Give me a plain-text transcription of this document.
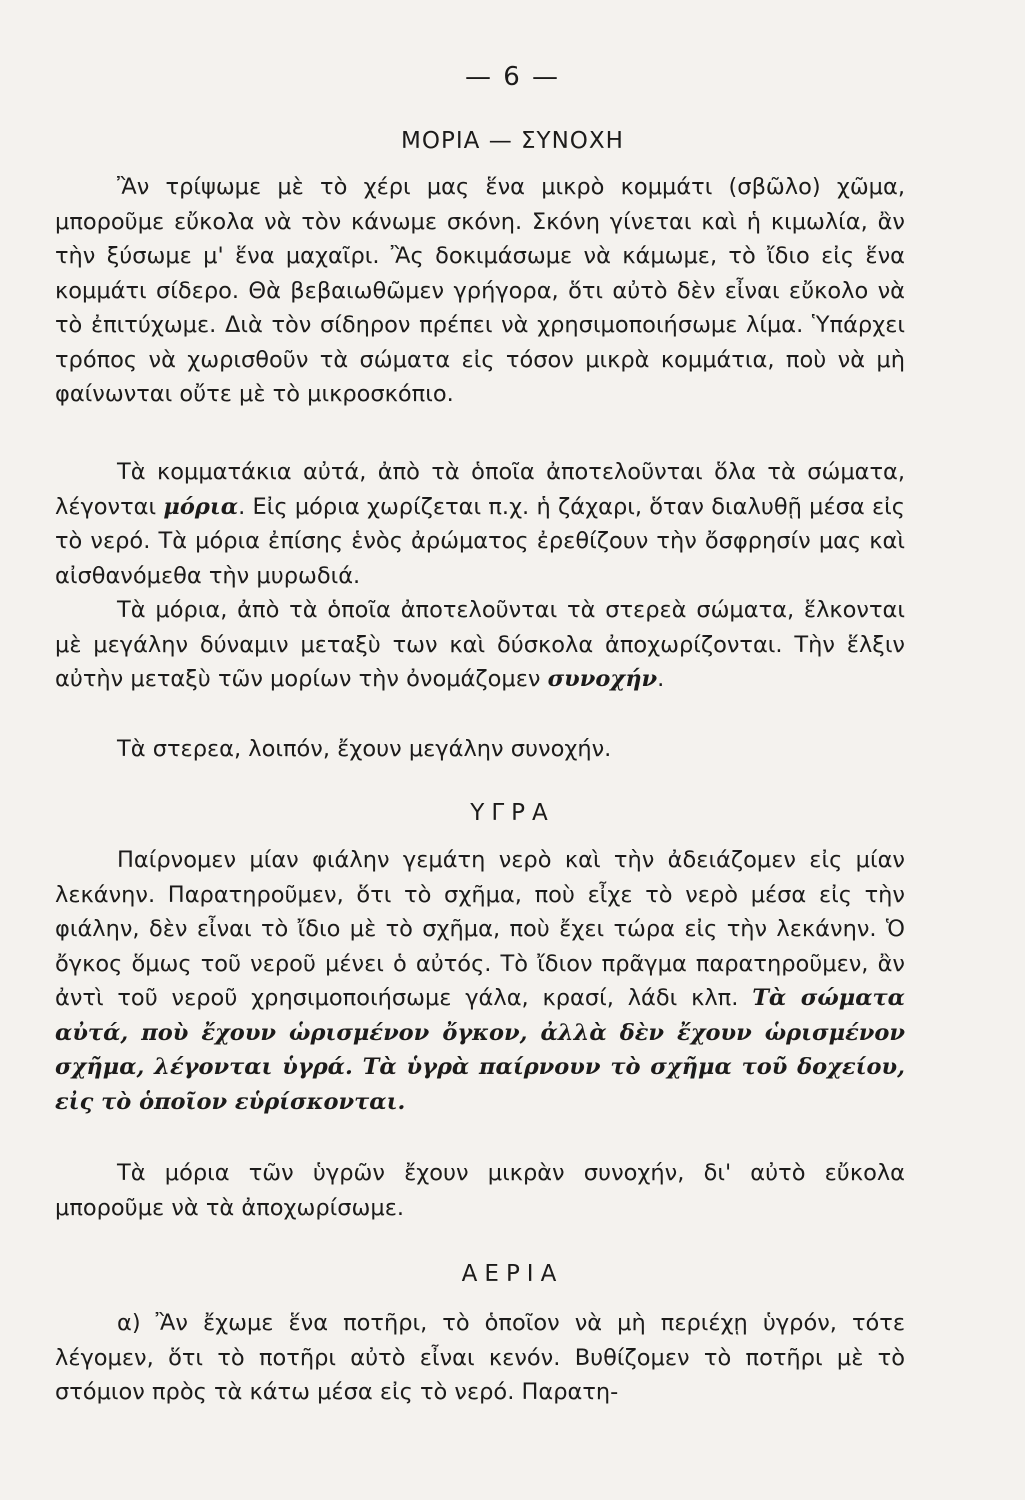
— 6 —
ΜΟΡΙΑ — ΣΥΝΟΧΗ

Ἂν τρίψωμε μὲ τὸ χέρι μας ἕνα μικρὸ κομμάτι (σβῶλο) χῶμα, μποροῦμε εὔκολα νὰ τὸν κάνωμε σκόνη. Σκόνη γίνεται καὶ ἡ κιμωλία, ἂν τὴν ξύσωμε μ' ἕνα μαχαῖρι. Ἂς δοκιμάσωμε νὰ κάμωμε, τὸ ἴδιο εἰς ἕνα κομμάτι σίδερο. Θὰ βεβαιωθῶμεν γρήγορα, ὅτι αὐτὸ δὲν εἶναι εὔκολο νὰ τὸ ἐπιτύχωμε. Διὰ τὸν σίδηρον πρέπει νὰ χρησιμοποιήσωμε λίμα. Ὑπάρχει τρόπος νὰ χωρισθοῦν τὰ σώματα εἰς τόσον μικρὰ κομμάτια, ποὺ νὰ μὴ φαίνωνται οὔτε μὲ τὸ μικροσκόπιο.

Τὰ κομματάκια αὐτά, ἀπὸ τὰ ὁποῖα ἀποτελοῦνται ὅλα τὰ σώματα, λέγονται μόρια. Εἰς μόρια χωρίζεται π.χ. ἡ ζάχαρι, ὅταν διαλυθῇ μέσα εἰς τὸ νερό. Τὰ μόρια ἐπίσης ἑνὸς ἀρώματος ἐρεθίζουν τὴν ὄσφρησίν μας καὶ αἰσθανόμεθα τὴν μυρωδιά.

Τὰ μόρια, ἀπὸ τὰ ὁποῖα ἀποτελοῦνται τὰ στερεὰ σώματα, ἕλκονται μὲ μεγάλην δύναμιν μεταξὺ των καὶ δύσκολα ἀποχωρίζονται. Τὴν ἕλξιν αὐτὴν μεταξὺ τῶν μορίων τὴν ὀνομάζομεν συνοχήν.

Τὰ στερεα, λοιπόν, ἔχουν μεγάλην συνοχήν.

ΥΓΡΑ

Παίρνομεν μίαν φιάλην γεμάτη νερὸ καὶ τὴν ἀδειάζομεν εἰς μίαν λεκάνην. Παρατηροῦμεν, ὅτι τὸ σχῆμα, ποὺ εἶχε τὸ νερὸ μέσα εἰς τὴν φιάλην, δὲν εἶναι τὸ ἴδιο μὲ τὸ σχῆμα, ποὺ ἔχει τώρα εἰς τὴν λεκάνην. Ὁ ὄγκος ὅμως τοῦ νεροῦ μένει ὁ αὐτός. Τὸ ἴδιον πρᾶγμα παρατηροῦμεν, ἂν ἀντὶ τοῦ νεροῦ χρησιμοποιήσωμε γάλα, κρασί, λάδι κλπ. Τὰ σώματα αὐτά, ποὺ ἔχουν ὡρισμένον ὄγκον, ἀλλὰ δὲν ἔχουν ὡρισμένον σχῆμα, λέγονται ὑγρά. Τὰ ὑγρὰ παίρνουν τὸ σχῆμα τοῦ δοχείου, εἰς τὸ ὁποῖον εὑρίσκονται.

Τὰ μόρια τῶν ὑγρῶν ἔχουν μικρὰν συνοχήν, δι' αὐτὸ εὔκολα μποροῦμε νὰ τὰ ἀποχωρίσωμε.

ΑΕΡΙΑ

α) Ἂν ἔχωμε ἕνα ποτῆρι, τὸ ὁποῖον νὰ μὴ περιέχῃ ὑγρόν, τότε λέγομεν, ὅτι τὸ ποτῆρι αὐτὸ εἶναι κενόν. Βυθίζομεν τὸ ποτῆρι μὲ τὸ στόμιον πρὸς τὰ κάτω μέσα εἰς τὸ νερό. Παρατη-
